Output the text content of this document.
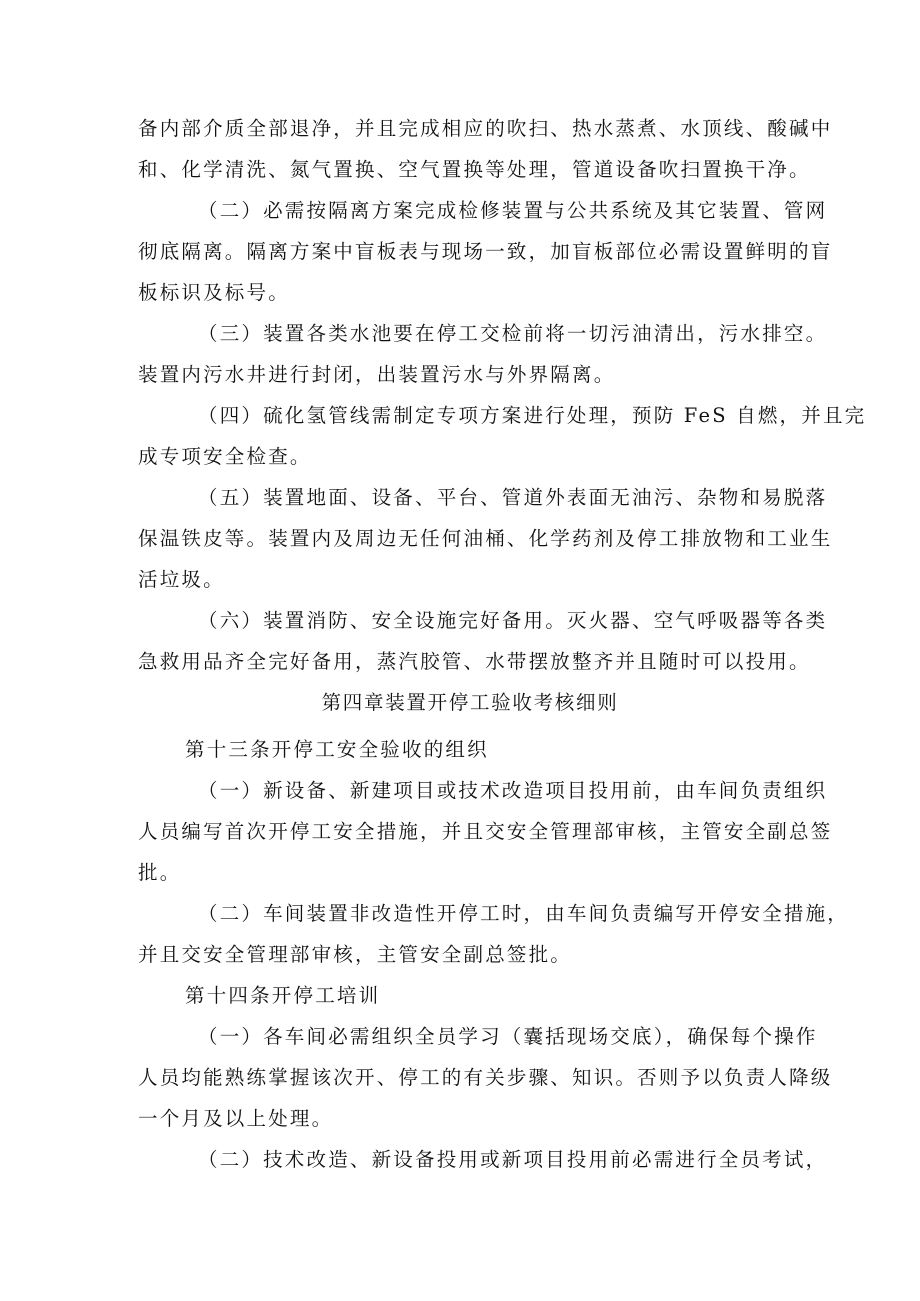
备内部介质全部退净，并且完成相应的吹扫、热水蒸煮、水顶线、酸碱中
和、化学清洗、氮气置换、空气置换等处理，管道设备吹扫置换干净。
（二）必需按隔离方案完成检修装置与公共系统及其它装置、管网
彻底隔离。隔离方案中盲板表与现场一致，加盲板部位必需设置鲜明的盲
板标识及标号。
（三）装置各类水池要在停工交检前将一切污油清出，污水排空。
装置内污水井进行封闭，出装置污水与外界隔离。
（四）硫化氢管线需制定专项方案进行处理，预防 FeS 自燃，并且完
成专项安全检查。
（五）装置地面、设备、平台、管道外表面无油污、杂物和易脱落
保温铁皮等。装置内及周边无任何油桶、化学药剂及停工排放物和工业生
活垃圾。
（六）装置消防、安全设施完好备用。灭火器、空气呼吸器等各类
急救用品齐全完好备用，蒸汽胶管、水带摆放整齐并且随时可以投用。
第四章装置开停工验收考核细则
第十三条开停工安全验收的组织
（一）新设备、新建项目或技术改造项目投用前，由车间负责组织
人员编写首次开停工安全措施，并且交安全管理部审核，主管安全副总签
批。
（二）车间装置非改造性开停工时，由车间负责编写开停安全措施，
并且交安全管理部审核，主管安全副总签批。
第十四条开停工培训
（一）各车间必需组织全员学习（囊括现场交底），确保每个操作
人员均能熟练掌握该次开、停工的有关步骤、知识。否则予以负责人降级
一个月及以上处理。
（二）技术改造、新设备投用或新项目投用前必需进行全员考试，
